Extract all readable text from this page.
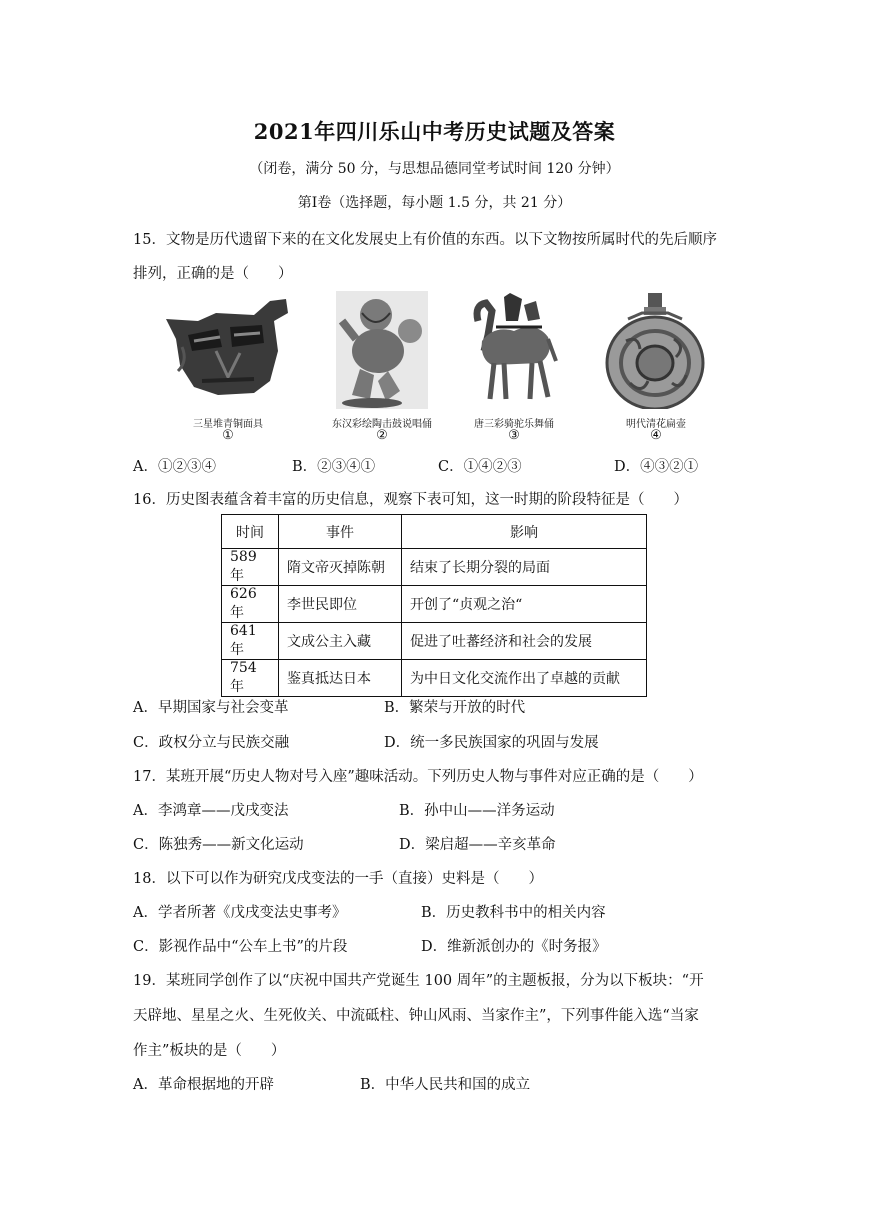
2021年四川乐山中考历史试题及答案
（闭卷，满分 50 分，与思想品德同堂考试时间 120 分钟）
第Ⅰ卷（选择题，每小题 1.5 分，共 21 分）
15．文物是历代遗留下来的在文化发展史上有价值的东西。以下文物按所属时代的先后顺序
排列，正确的是（　　）
三星堆青铜面具
①
东汉彩绘陶击鼓说唱俑
②
唐三彩骑驼乐舞俑
③
明代清花扁壶
④
A．①②③④	B．②③④①	C．①④②③	D．④③②①
16．历史图表蕴含着丰富的历史信息，观察下表可知，这一时期的阶段特征是（　　）
时间	事件	影响
589 年	隋文帝灭掉陈朝	结束了长期分裂的局面
626 年	李世民即位	开创了“贞观之治“
641 年	文成公主入藏	促进了吐蕃经济和社会的发展
754 年	鉴真抵达日本	为中日文化交流作出了卓越的贡献
A．早期国家与社会变革	B．繁荣与开放的时代
C．政权分立与民族交融	D．统一多民族国家的巩固与发展
17．某班开展“历史人物对号入座”趣味活动。下列历史人物与事件对应正确的是（　　）
A．李鸿章——戊戌变法	B．孙中山——洋务运动
C．陈独秀——新文化运动	D．梁启超——辛亥革命
18．以下可以作为研究戊戌变法的一手（直接）史料是（　　）
A．学者所著《戊戌变法史事考》	B．历史教科书中的相关内容
C．影视作品中“公车上书”的片段	D．维新派创办的《时务报》
19．某班同学创作了以“庆祝中国共产党诞生 100 周年”的主题板报，分为以下板块：“开
天辟地、星星之火、生死攸关、中流砥柱、钟山风雨、当家作主”，下列事件能入选“当家
作主”板块的是（　　）
A．革命根据地的开辟	B．中华人民共和国的成立
